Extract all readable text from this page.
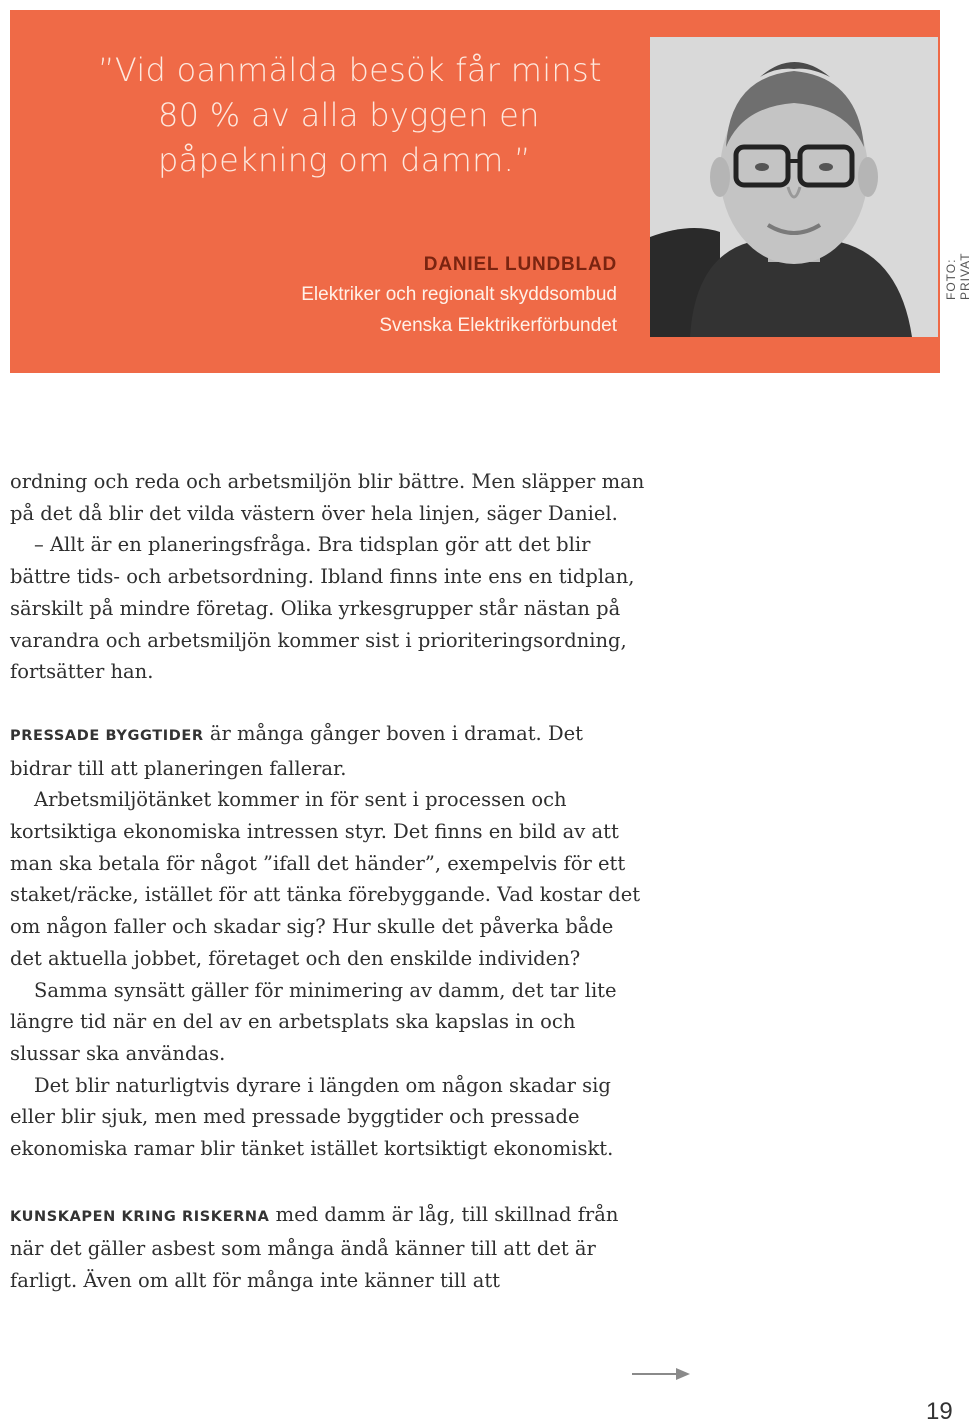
”Vid oanmälda besök får minst
80 % av alla byggen en
påpekning om damm.”
DANIEL LUNDBLAD
Elektriker och regionalt skyddsombud
Svenska Elektrikerförbundet
FOTO: PRIVAT

ordning och reda och arbetsmiljön blir bättre. Men släpper man på det då blir det vilda västern över hela linjen, säger Daniel.

– Allt är en planeringsfråga. Bra tidsplan gör att det blir bättre tids- och arbetsordning. Ibland finns inte ens en tidplan, särskilt på mindre företag. Olika yrkesgrupper står nästan på varandra och arbetsmiljön kommer sist i prioriteringsordning, fortsätter han.

PRESSADE BYGGTIDER är många gånger boven i dramat. Det bidrar till att planeringen fallerar.

Arbetsmiljötänket kommer in för sent i processen och kortsiktiga ekonomiska intressen styr. Det finns en bild av att man ska betala för något ”ifall det händer”, exempelvis för ett staket/räcke, istället för att tänka förebyggande. Vad kostar det om någon faller och skadar sig? Hur skulle det påverka både det aktuella jobbet, företaget och den enskilde individen?

Samma synsätt gäller för minimering av damm, det tar lite längre tid när en del av en arbetsplats ska kapslas in och slussar ska användas.

Det blir naturligtvis dyrare i längden om någon skadar sig eller blir sjuk, men med pressade byggtider och pressade ekonomiska ramar blir tänket istället kortsiktigt ekonomiskt.

KUNSKAPEN KRING RISKERNA med damm är låg, till skillnad från när det gäller asbest som många ändå känner till att det är farligt. Även om allt för många inte känner till att

19
